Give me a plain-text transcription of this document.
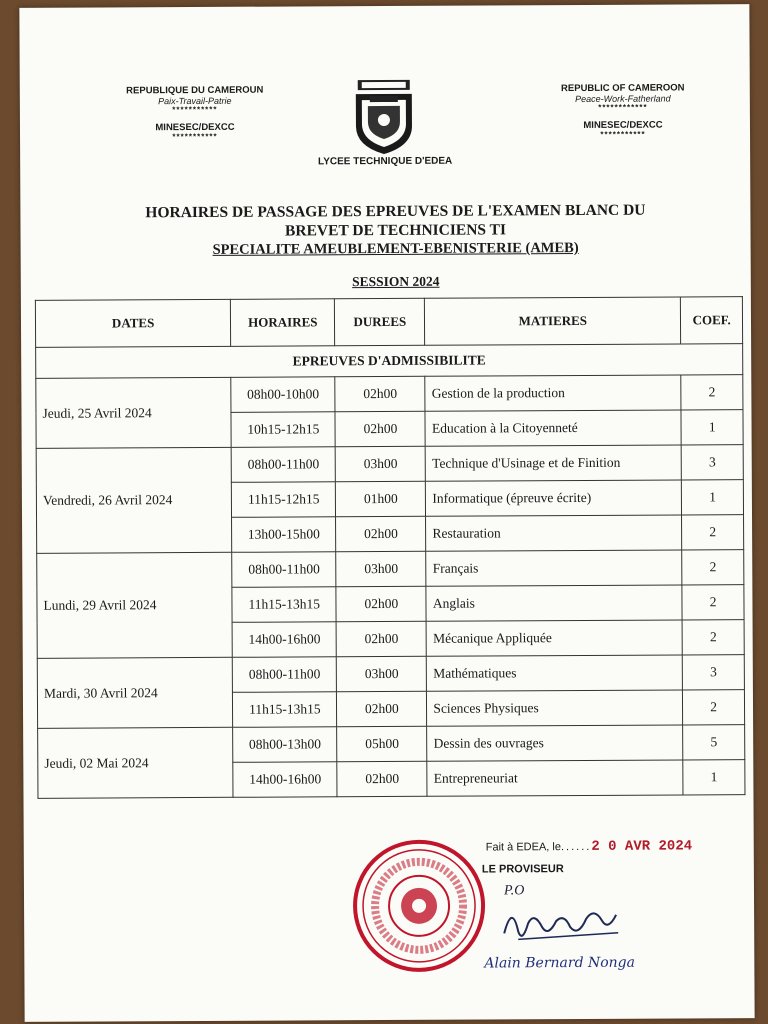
REPUBLIQUE DU CAMEROUN
Paix-Travail-Patrie
***********
MINESEC/DEXCC
***********
LYCEE TECHNIQUE D'EDEA
REPUBLIC OF CAMEROON
Peace-Work-Fatherland
************
MINESEC/DEXCC
***********
HORAIRES DE PASSAGE DES EPREUVES DE L'EXAMEN BLANC DU
BREVET DE TECHNICIENS TI
SPECIALITE AMEUBLEMENT-EBENISTERIE (AMEB)
SESSION 2024
DATES	HORAIRES	DUREES	MATIERES	COEF.
EPREUVES D'ADMISSIBILITE				
Jeudi, 25 Avril 2024	08h00-10h00	02h00	Gestion de la production	2
	10h15-12h15	02h00	Education à la Citoyenneté	1
Vendredi, 26 Avril 2024	08h00-11h00	03h00	Technique d'Usinage et de Finition	3
	11h15-12h15	01h00	Informatique (épreuve écrite)	1
	13h00-15h00	02h00	Restauration	2
Lundi, 29 Avril 2024	08h00-11h00	03h00	Français	2
	11h15-13h15	02h00	Anglais	2
	14h00-16h00	02h00	Mécanique Appliquée	2
Mardi, 30 Avril 2024	08h00-11h00	03h00	Mathématiques	3
	11h15-13h15	02h00	Sciences Physiques	2
Jeudi, 02 Mai 2024	08h00-13h00	05h00	Dessin des ouvrages	5
	14h00-16h00	02h00	Entrepreneuriat	1
Fait à EDEA, le......2 0 AVR 2024
LE PROVISEUR
P.O
Alain Bernard Nonga
